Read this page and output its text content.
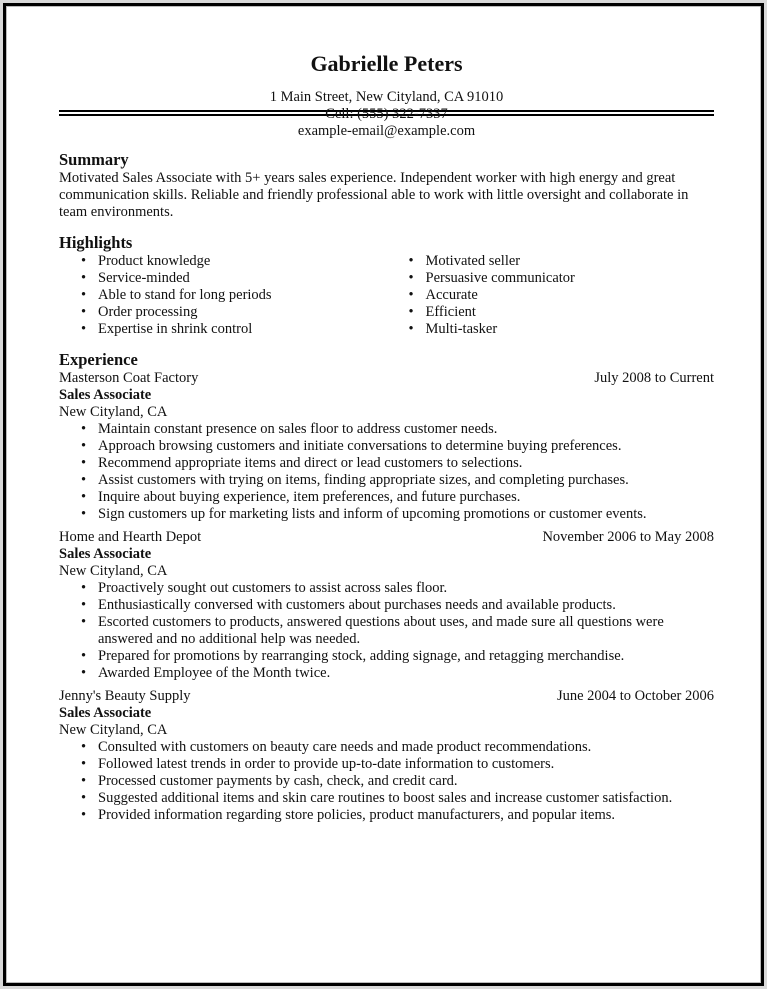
Gabrielle Peters
1 Main Street, New Cityland, CA 91010
Cell: (555) 322-7337
example-email@example.com
Summary

Motivated Sales Associate with 5+ years sales experience. Independent worker with high energy and great communication skills. Reliable and friendly professional able to work with little oversight and collaborate in team environments.

Highlights
• Product knowledge
• Service-minded
• Able to stand for long periods
• Order processing
• Expertise in shrink control
• Motivated seller
• Persuasive communicator
• Accurate
• Efficient
• Multi-tasker
Experience
Masterson Coat Factory	July 2008 to Current
Sales Associate
New Cityland, CA
• Maintain constant presence on sales floor to address customer needs.
• Approach browsing customers and initiate conversations to determine buying preferences.
• Recommend appropriate items and direct or lead customers to selections.
• Assist customers with trying on items, finding appropriate sizes, and completing purchases.
• Inquire about buying experience, item preferences, and future purchases.
• Sign customers up for marketing lists and inform of upcoming promotions or customer events.
Home and Hearth Depot	November 2006 to May 2008
Sales Associate
New Cityland, CA
• Proactively sought out customers to assist across sales floor.
• Enthusiastically conversed with customers about purchases needs and available products.
• Escorted customers to products, answered questions about uses, and made sure all questions were answered and no additional help was needed.
• Prepared for promotions by rearranging stock, adding signage, and retagging merchandise.
• Awarded Employee of the Month twice.
Jenny's Beauty Supply	June 2004 to October 2006
Sales Associate
New Cityland, CA
• Consulted with customers on beauty care needs and made product recommendations.
• Followed latest trends in order to provide up-to-date information to customers.
• Processed customer payments by cash, check, and credit card.
• Suggested additional items and skin care routines to boost sales and increase customer satisfaction.
• Provided information regarding store policies, product manufacturers, and popular items.
